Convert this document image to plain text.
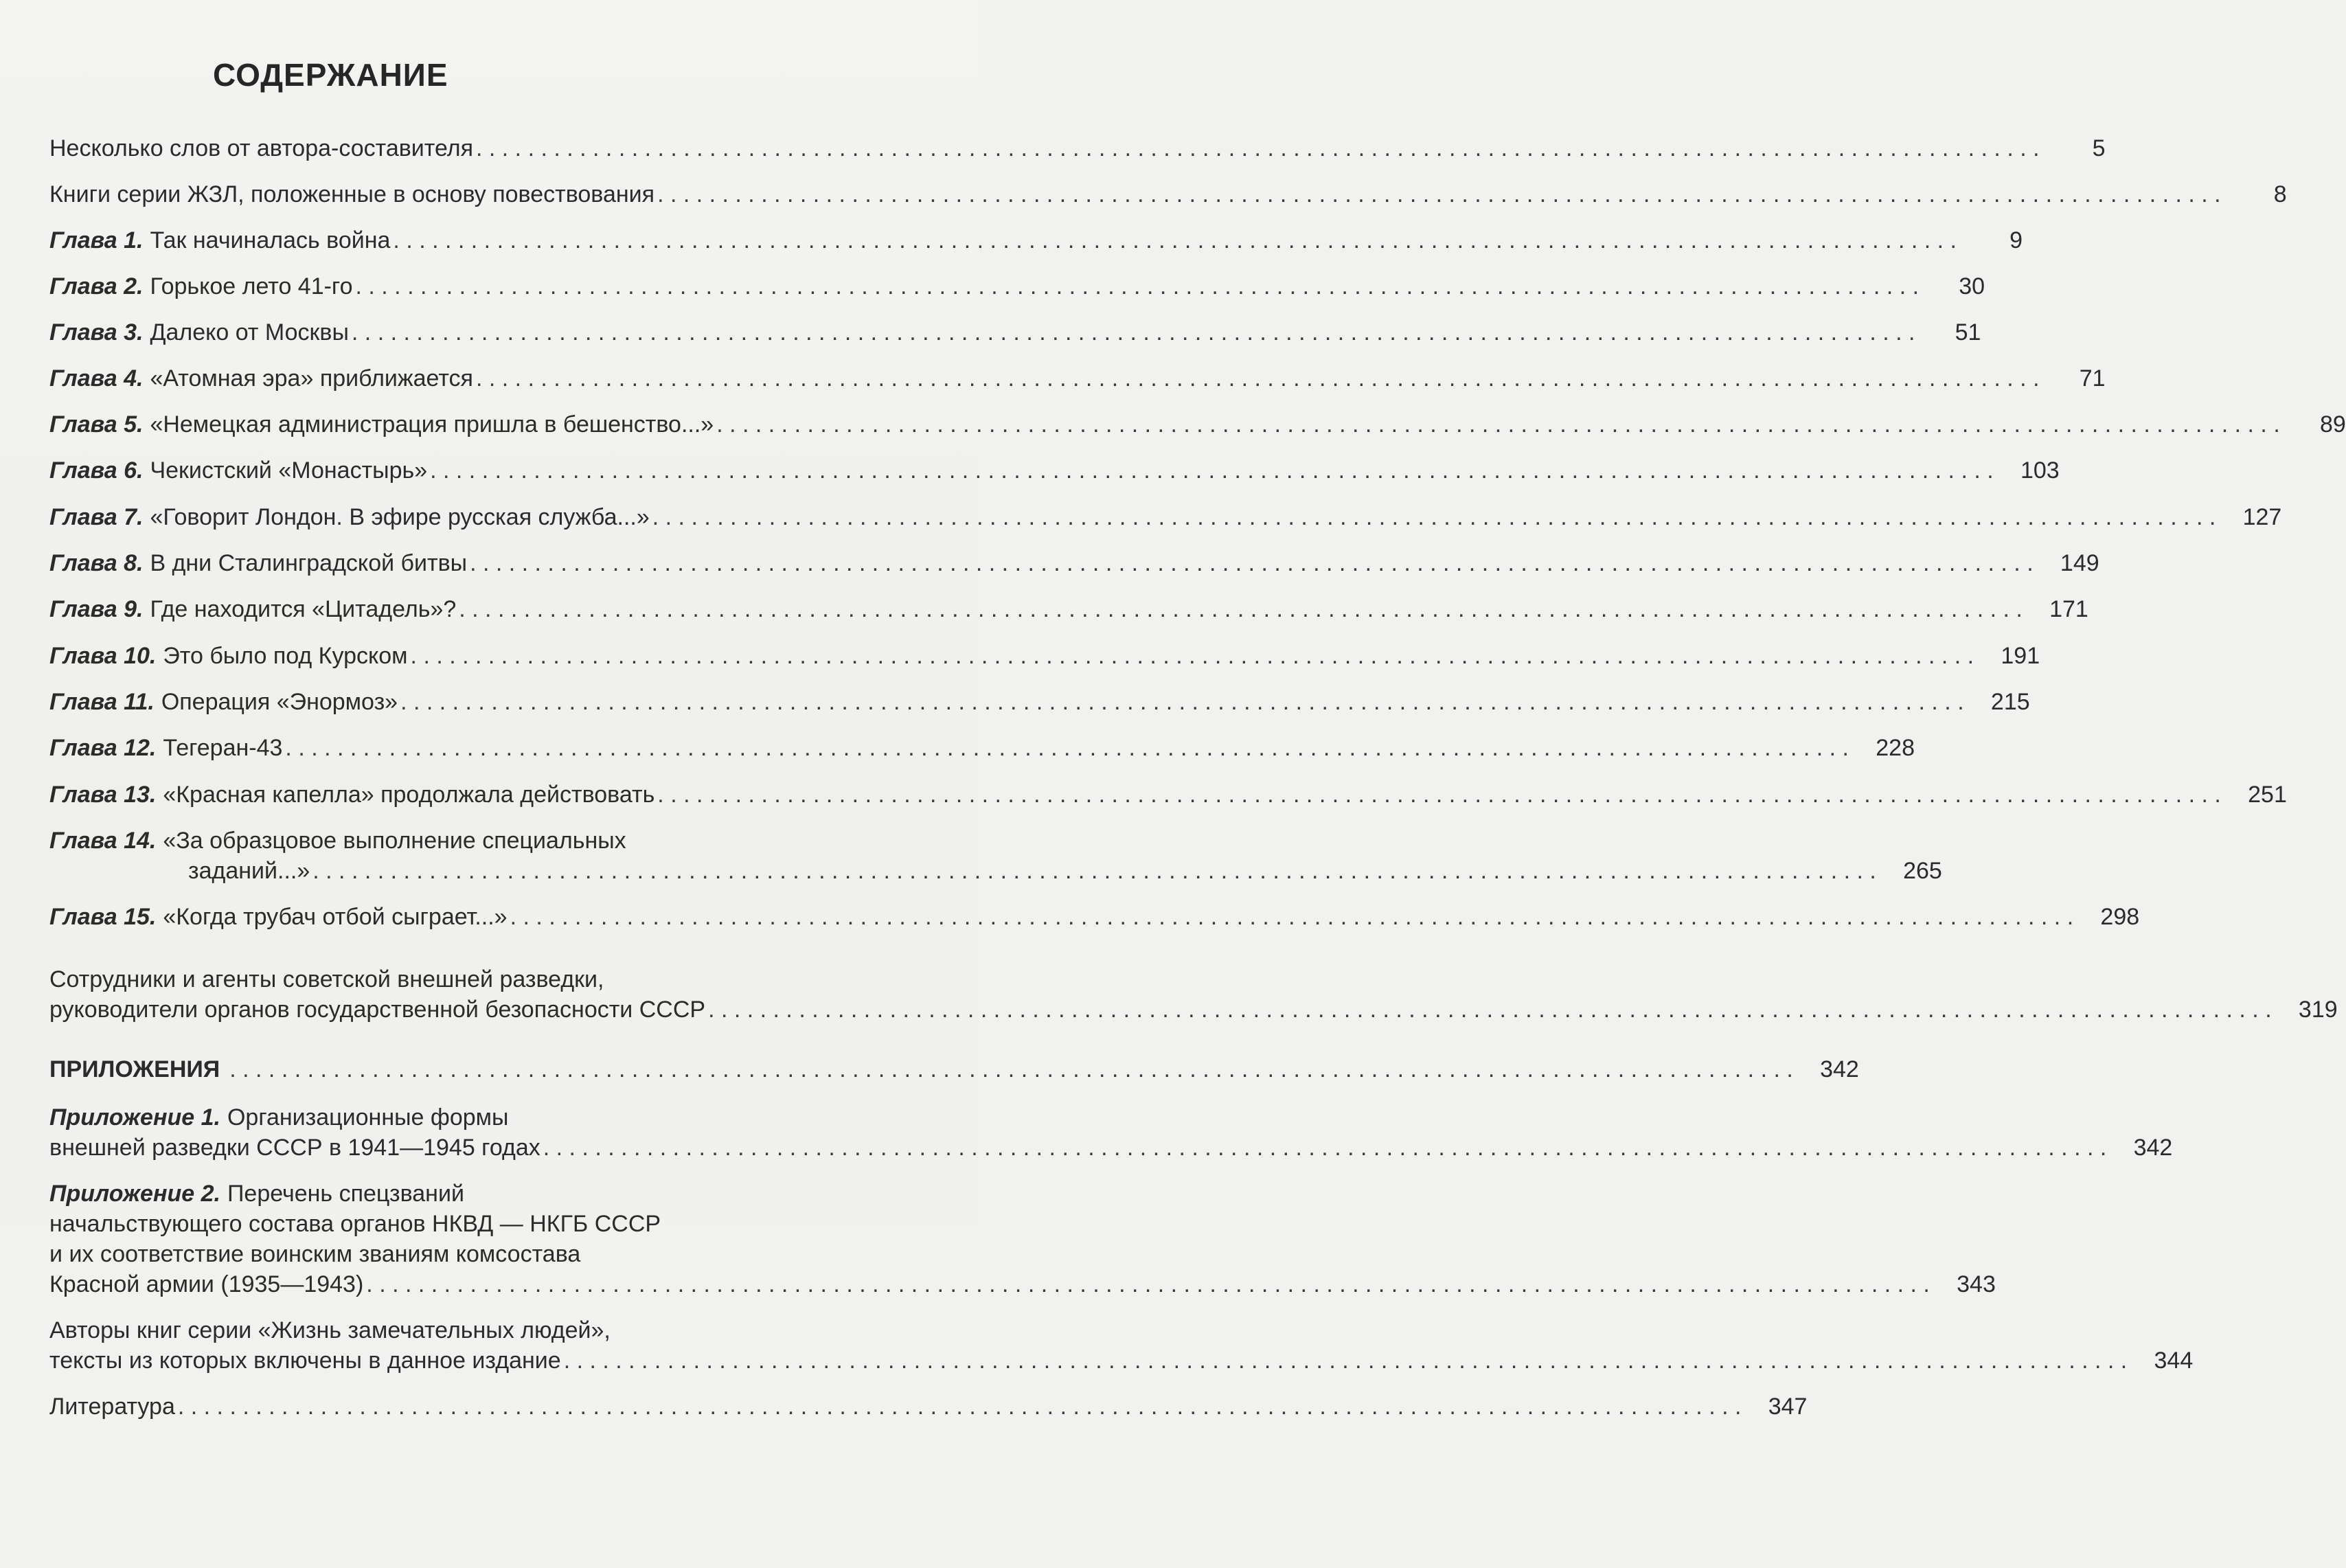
СОДЕРЖАНИЕ
Несколько слов от автора-составителя . . .	5
Книги серии ЖЗЛ, положенные в основу повествования . . .	8
Глава 1. Так начиналась война . . .	9
Глава 2. Горькое лето 41-го . . .	30
Глава 3. Далеко от Москвы . . .	51
Глава 4. «Атомная эра» приближается . . .	71
Глава 5. «Немецкая администрация пришла в бешенство...» . . .	89
Глава 6. Чекистский «Монастырь» . . .	103
Глава 7. «Говорит Лондон. В эфире русская служба...» . . .	127
Глава 8. В дни Сталинградской битвы . . .	149
Глава 9. Где находится «Цитадель»? . . .	171
Глава 10. Это было под Курском . . .	191
Глава 11. Операция «Энормоз» . . .	215
Глава 12. Тегеран-43 . . .	228
Глава 13. «Красная капелла» продолжала действовать . . .	251
Глава 14. «За образцовое выполнение специальных
заданий...» . . .	265
Глава 15. «Когда трубач отбой сыграет...» . . .	298
Сотрудники и агенты советской внешней разведки,
руководители органов государственной безопасности СССР . . .	319
ПРИЛОЖЕНИЯ . . .	342
Приложение 1. Организационные формы
внешней разведки СССР в 1941—1945 годах . . .	342
Приложение 2. Перечень спецзваний
начальствующего состава органов НКВД — НКГБ СССР
и их соответствие воинским званиям комсостава
Красной армии (1935—1943) . . .	343
Авторы книг серии «Жизнь замечательных людей»,
тексты из которых включены в данное издание . . .	344
Литература . . .	347
